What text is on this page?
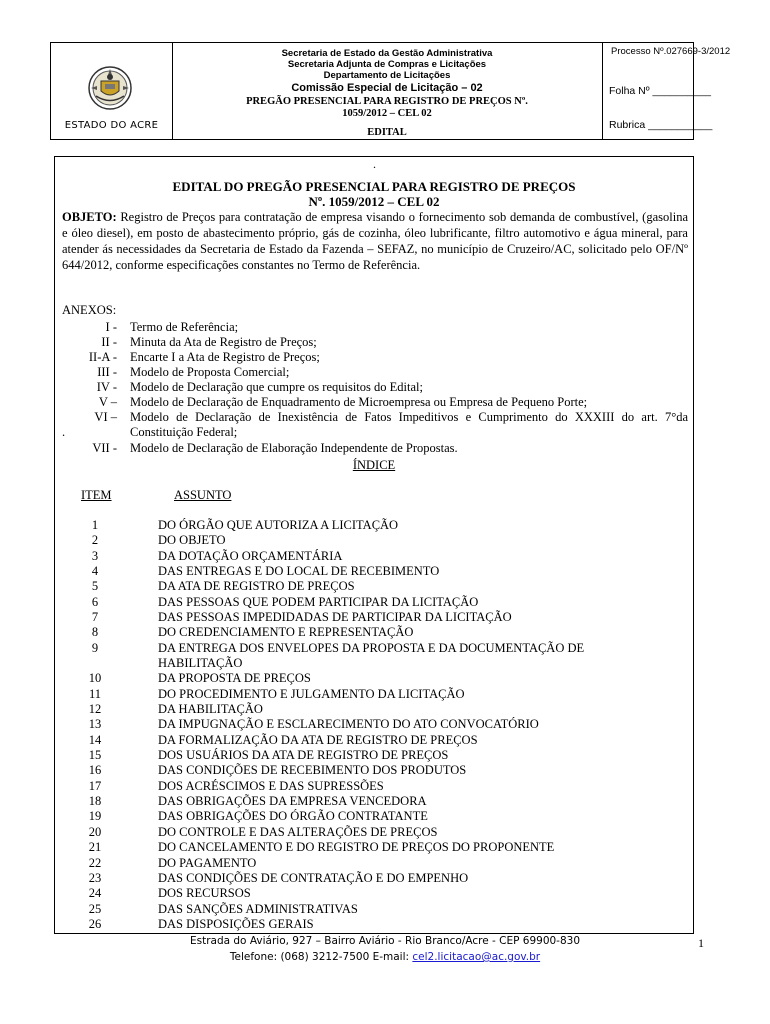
ESTADO DO ACRE
Secretaria de Estado da Gestão Administrativa
Secretaria Adjunta de Compras e Licitações
Departamento de Licitações
Comissão Especial de Licitação – 02
PREGÃO PRESENCIAL PARA REGISTRO DE PREÇOS Nº.
1059/2012 – CEL 02
EDITAL
Processo Nº.027669-3/2012
Folha Nº __________
Rubrica ___________
.
EDITAL DO PREGÃO PRESENCIAL PARA REGISTRO DE PREÇOS
Nº. 1059/2012 – CEL 02
OBJETO: Registro de Preços para contratação de empresa visando o fornecimento sob demanda de combustível, (gasolina e óleo diesel), em posto de abastecimento próprio, gás de cozinha, óleo lubrificante, filtro automotivo e água mineral, para atender ás necessidades da Secretaria de Estado da Fazenda – SEFAZ, no município de Cruzeiro/AC, solicitado pelo OF/Nº 644/2012, conforme especificações constantes no Termo de Referência.
ANEXOS:
I - Termo de Referência;
II - Minuta da Ata de Registro de Preços;
II-A - Encarte I a Ata de Registro de Preços;
III - Modelo de Proposta Comercial;
IV - Modelo de Declaração que cumpre os requisitos do Edital;
V – Modelo de Declaração de Enquadramento de Microempresa ou Empresa de Pequeno Porte;
VI – Modelo de Declaração de Inexistência de Fatos Impeditivos e Cumprimento do XXXIII do art. 7°da Constituição Federal;
.
VII - Modelo de Declaração de Elaboração Independente de Propostas.
ÍNDICE
ITEM	ASSUNTO
1	DO ÓRGÃO QUE AUTORIZA A LICITAÇÃO
2	DO OBJETO
3	DA DOTAÇÃO ORÇAMENTÁRIA
4	DAS ENTREGAS E DO LOCAL DE RECEBIMENTO
5	DA ATA DE REGISTRO DE PREÇOS
6	DAS PESSOAS QUE PODEM PARTICIPAR DA LICITAÇÃO
7	DAS PESSOAS IMPEDIDADAS DE PARTICIPAR DA LICITAÇÃO
8	DO CREDENCIAMENTO E REPRESENTAÇÃO
9	DA ENTREGA DOS ENVELOPES DA PROPOSTA E DA DOCUMENTAÇÃO DE HABILITAÇÃO
10	DA PROPOSTA DE PREÇOS
11	DO PROCEDIMENTO E JULGAMENTO DA LICITAÇÃO
12	DA HABILITAÇÃO
13	DA IMPUGNAÇÃO E ESCLARECIMENTO DO ATO CONVOCATÓRIO
14	DA FORMALIZAÇÃO DA ATA DE REGISTRO DE PREÇOS
15	DOS USUÁRIOS DA ATA DE REGISTRO DE PREÇOS
16	DAS CONDIÇÕES DE RECEBIMENTO DOS PRODUTOS
17	DOS ACRÉSCIMOS E DAS SUPRESSÕES
18	DAS OBRIGAÇÕES DA EMPRESA VENCEDORA
19	DAS OBRIGAÇÕES DO ÓRGÃO CONTRATANTE
20	DO CONTROLE E DAS ALTERAÇÕES DE PREÇOS
21	DO CANCELAMENTO E DO REGISTRO DE PREÇOS DO PROPONENTE
22	DO PAGAMENTO
23	DAS CONDIÇÕES DE CONTRATAÇÃO E DO EMPENHO
24	DOS RECURSOS
25	DAS SANÇÕES ADMINISTRATIVAS
26	DAS DISPOSIÇÕES GERAIS
Estrada do Aviário, 927 – Bairro Aviário - Rio Branco/Acre - CEP 69900-830
Telefone: (068) 3212-7500 E-mail: cel2.licitacao@ac.gov.br
1
